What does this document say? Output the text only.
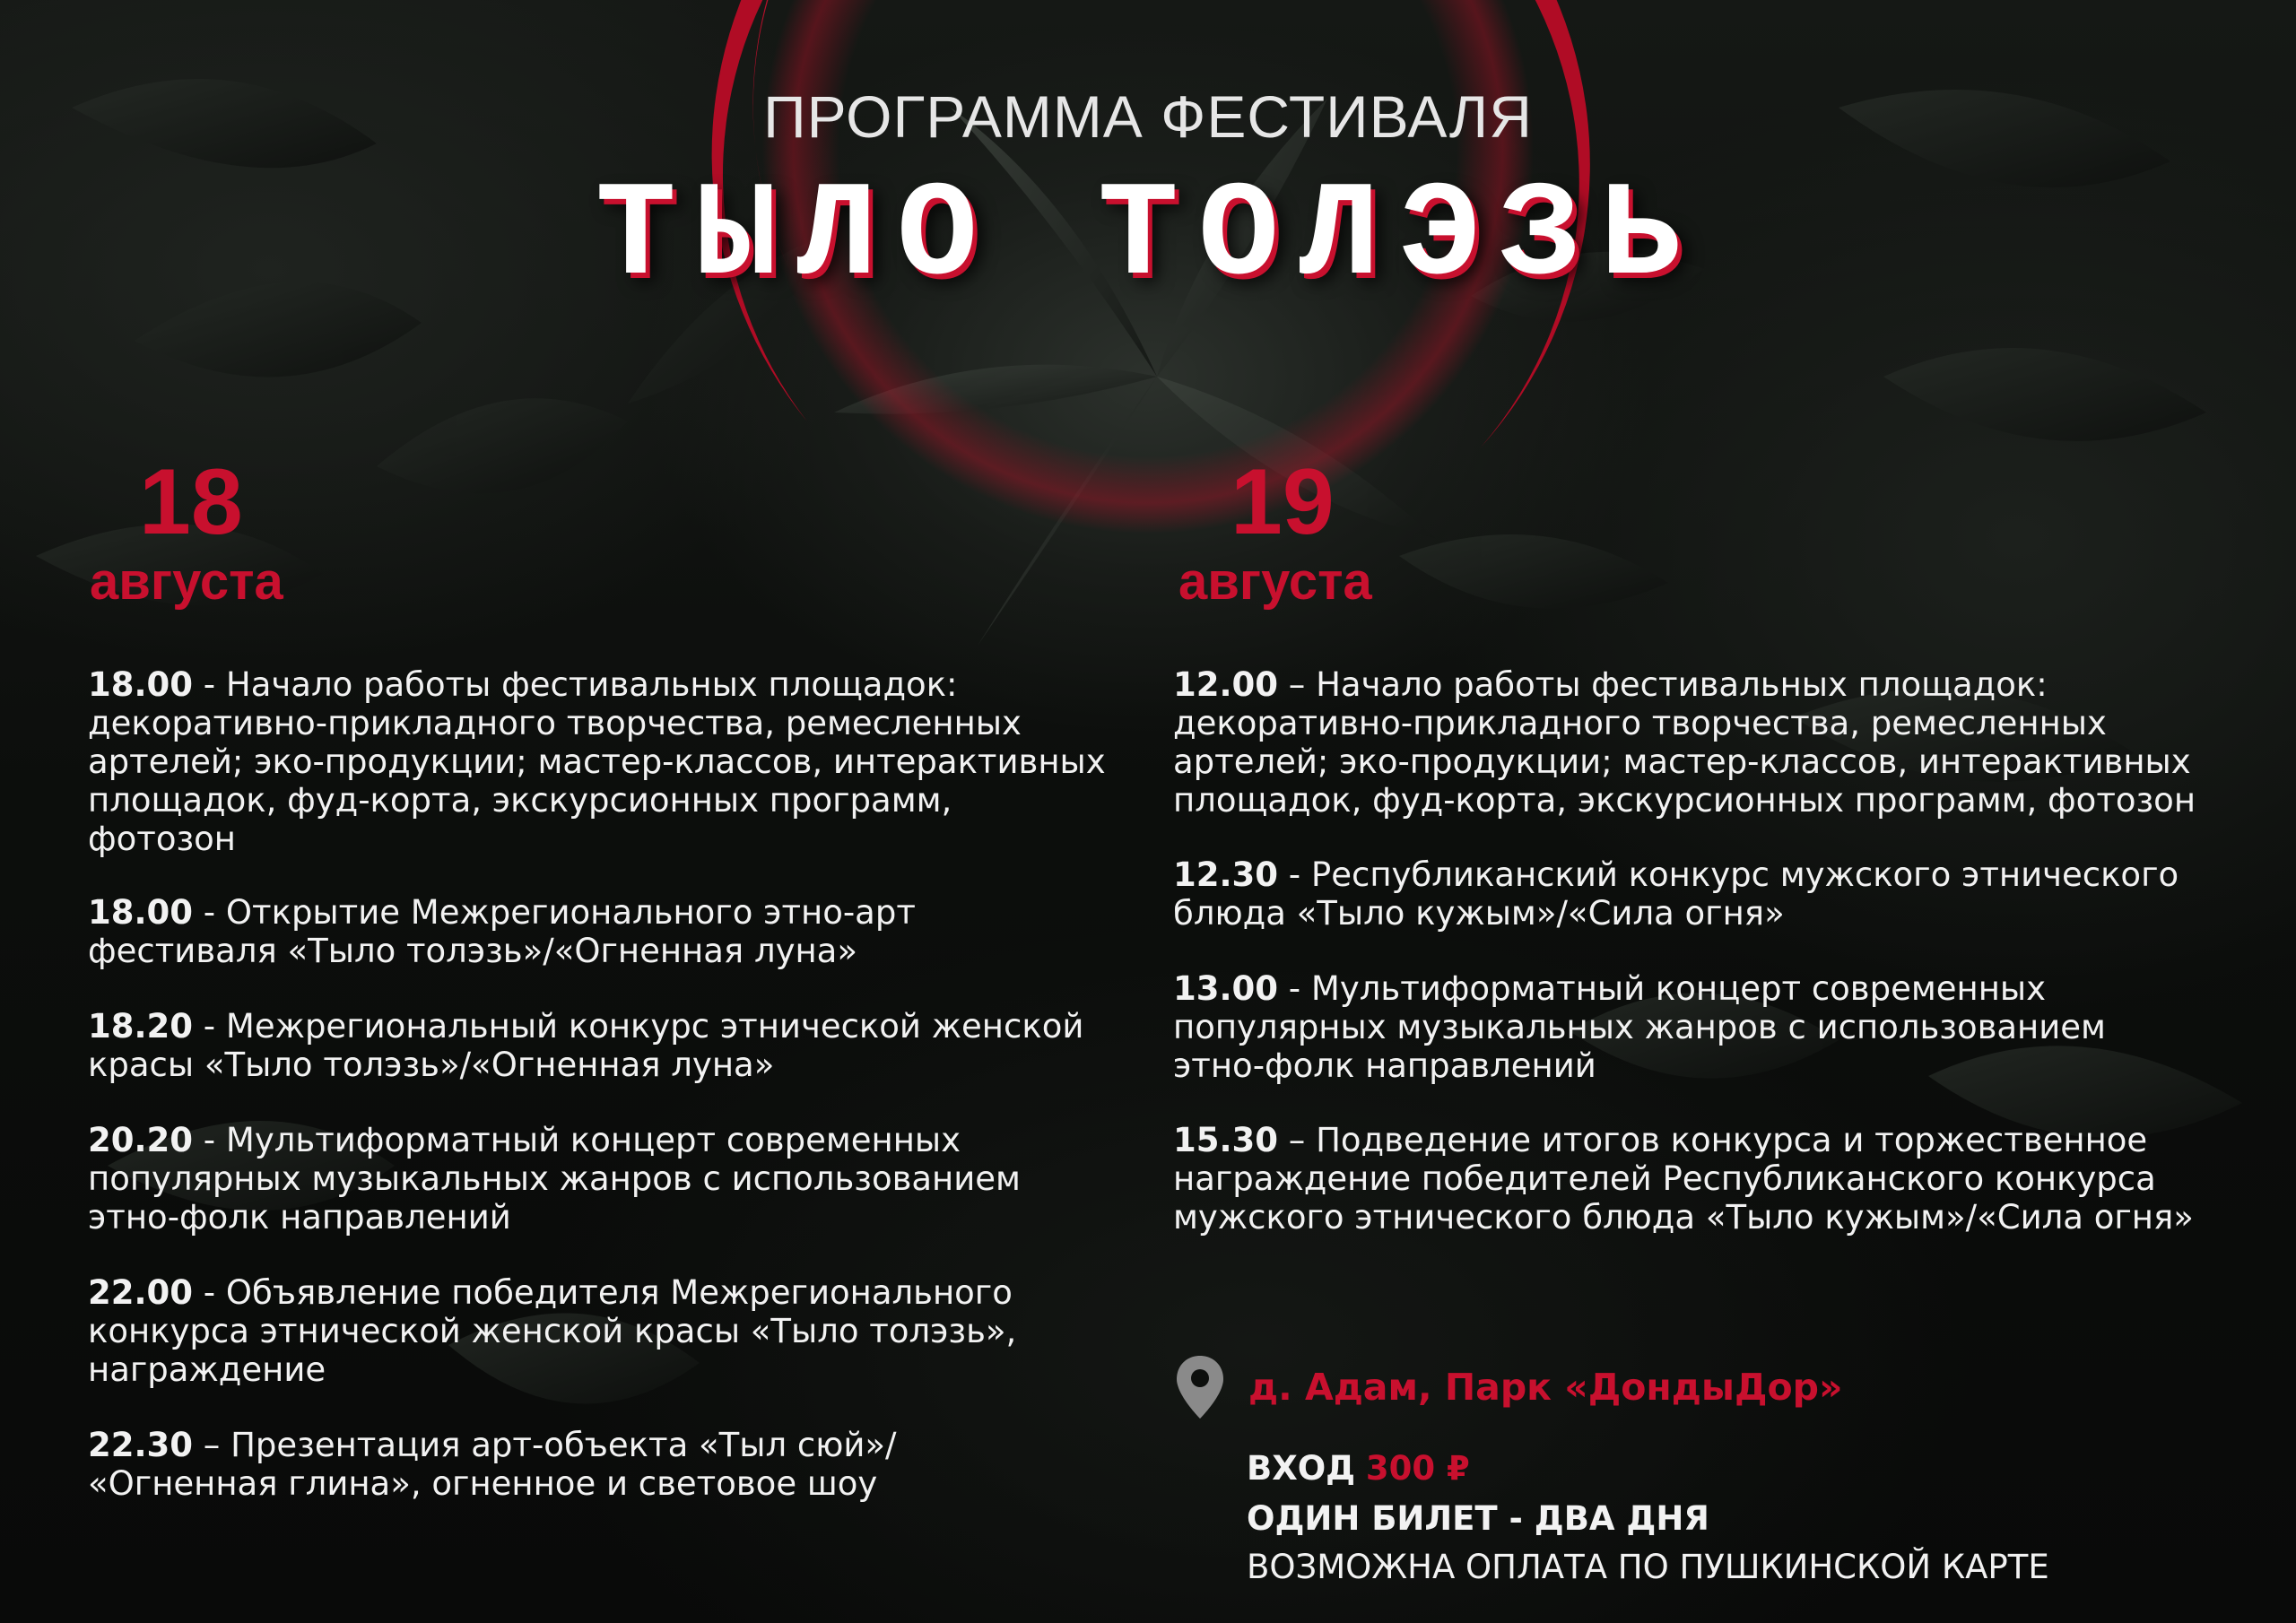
ПРОГРАММА ФЕСТИВАЛЯ
ТЫЛО ТОЛЭЗЬ
18
августа
19
августа
18.00 - Начало работы фестивальных площадок:
декоративно-прикладного творчества, ремесленных
артелей; эко-продукции; мастер-классов, интерактивных
площадок, фуд-корта, экскурсионных программ,
фотозон
18.00 - Открытие Межрегионального этно-арт
фестиваля «Тыло толэзь»/«Огненная луна»
18.20 - Межрегиональный конкурс этнической женской
красы «Тыло толэзь»/«Огненная луна»
20.20 - Мультиформатный концерт современных
популярных музыкальных жанров с использованием
этно-фолк направлений
22.00 - Объявление победителя Межрегионального
конкурса этнической женской красы «Тыло толэзь»,
награждение
22.30 – Презентация арт-объекта «Тыл сюй»/
«Огненная глина», огненное и световое шоу
12.00 – Начало работы фестивальных площадок:
декоративно-прикладного творчества, ремесленных
артелей; эко-продукции; мастер-классов, интерактивных
площадок, фуд-корта, экскурсионных программ, фотозон
12.30 - Республиканский конкурс мужского этнического
блюда «Тыло кужым»/«Сила огня»
13.00 - Мультиформатный концерт современных
популярных музыкальных жанров с использованием
этно-фолк направлений
15.30 – Подведение итогов конкурса и торжественное
награждение победителей Республиканского конкурса
мужского этнического блюда «Тыло кужым»/«Сила огня»
д. Адам, Парк «ДондыДор»
ВХОД 300 ₽
ОДИН БИЛЕТ - ДВА ДНЯ
ВОЗМОЖНА ОПЛАТА ПО ПУШКИНСКОЙ КАРТЕ
